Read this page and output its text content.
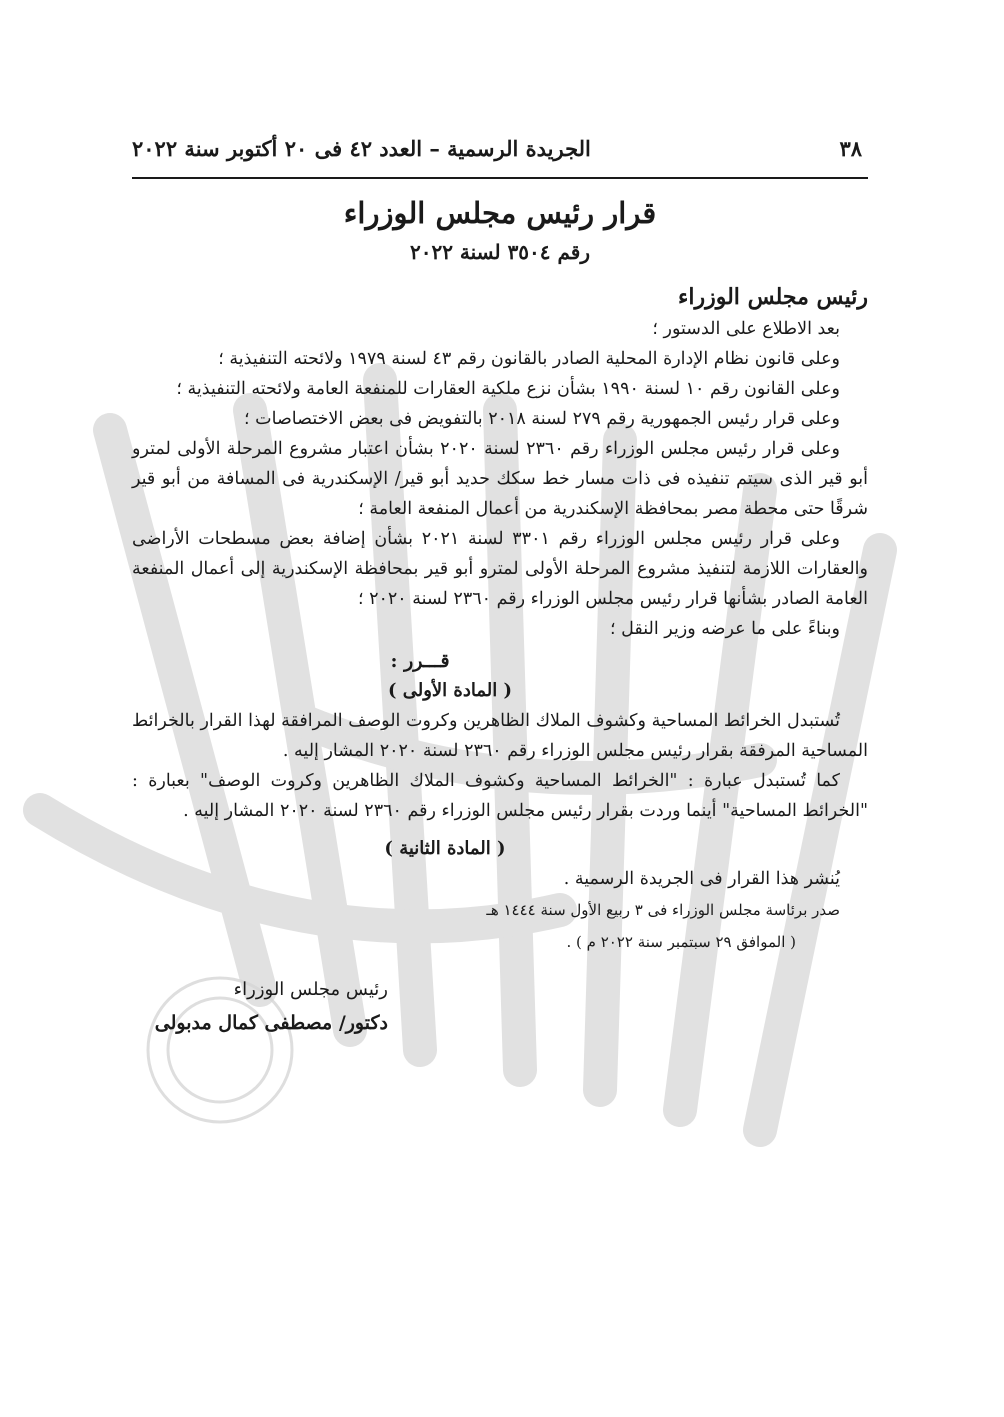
٣٨
الجريدة الرسمية – العدد ٤٢ فى ٢٠ أكتوبر سنة ٢٠٢٢
قرار رئيس مجلس الوزراء
رقم ٣٥٠٤ لسنة ٢٠٢٢

رئيس مجلس الوزراء

بعد الاطلاع على الدستور ؛

وعلى قانون نظام الإدارة المحلية الصادر بالقانون رقم ٤٣ لسنة ١٩٧٩ ولائحته التنفيذية ؛

وعلى القانون رقم ١٠ لسنة ١٩٩٠ بشأن نزع ملكية العقارات للمنفعة العامة ولائحته التنفيذية ؛

وعلى قرار رئيس الجمهورية رقم ٢٧٩ لسنة ٢٠١٨ بالتفويض فى بعض الاختصاصات ؛

وعلى قرار رئيس مجلس الوزراء رقم ٢٣٦٠ لسنة ٢٠٢٠ بشأن اعتبار مشروع المرحلة الأولى لمترو أبو قير الذى سيتم تنفيذه فى ذات مسار خط سكك حديد أبو قير/ الإسكندرية فى المسافة من أبو قير شرقًا حتى محطة مصر بمحافظة الإسكندرية من أعمال المنفعة العامة ؛

وعلى قرار رئيس مجلس الوزراء رقم ٣٣٠١ لسنة ٢٠٢١ بشأن إضافة بعض مسطحات الأراضى والعقارات اللازمة لتنفيذ مشروع المرحلة الأولى لمترو أبو قير بمحافظة الإسكندرية إلى أعمال المنفعة العامة الصادر بشأنها قرار رئيس مجلس الوزراء رقم ٢٣٦٠ لسنة ٢٠٢٠ ؛

وبناءً على ما عرضه وزير النقل ؛

قـــرر :

( المادة الأولى )

تُستبدل الخرائط المساحية وكشوف الملاك الظاهرين وكروت الوصف المرافقة لهذا القرار بالخرائط المساحية المرفقة بقرار رئيس مجلس الوزراء رقم ٢٣٦٠ لسنة ٢٠٢٠ المشار إليه .

كما تُستبدل عبارة : "الخرائط المساحية وكشوف الملاك الظاهرين وكروت الوصف" بعبارة : "الخرائط المساحية" أينما وردت بقرار رئيس مجلس الوزراء رقم ٢٣٦٠ لسنة ٢٠٢٠ المشار إليه .

( المادة الثانية )

يُنشر هذا القرار فى الجريدة الرسمية .

صدر برئاسة مجلس الوزراء فى ٣ ربيع الأول سنة ١٤٤٤ هـ

( الموافق ٢٩ سبتمبر سنة ٢٠٢٢ م ) .

رئيس مجلس الوزراء

دكتور/ مصطفى كمال مدبولى
